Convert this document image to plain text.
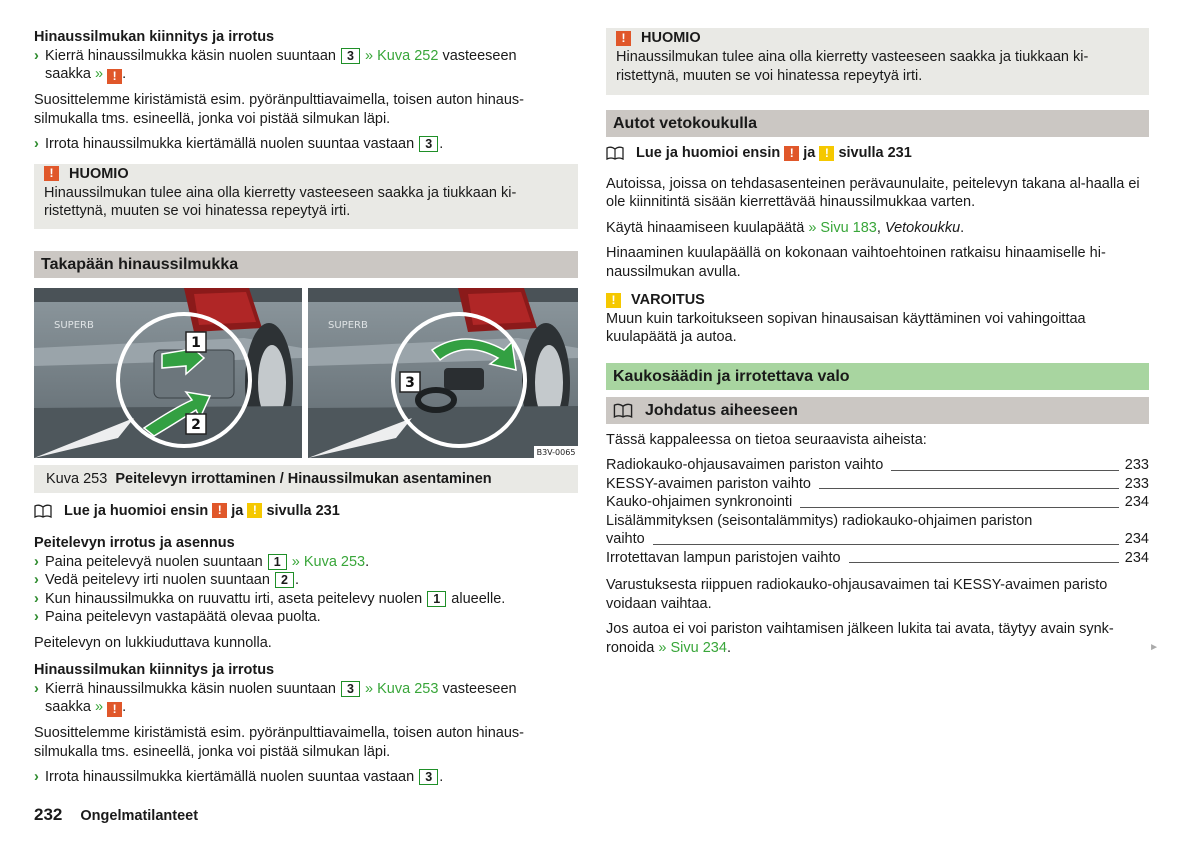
Hinaussilmukan kiinnitys ja irrotus

› Kierrä hinaussilmukka käsin nuolen suuntaan 3 » Kuva 252 vasteeseen
saakka » ! .

Suosittelemme kiristämistä esim. pyöränpulttiavaimella, toisen auton hinaus-silmukalla tms. esineellä, jonka voi pistää silmukan läpi.

› Irrota hinaussilmukka kiertämällä nuolen suuntaa vastaan 3 .
!	HUOMIO
Hinaussilmukan tulee aina olla kierretty vasteeseen saakka ja tiukkaan ki-ristettynä, muuten se voi hinatessa repeytyä irti.
Takapään hinaussilmukka
SUPERB
1
2
SUPERB
3
B3V-0065
Kuva 253 Peitelevyn irrottaminen / Hinaussilmukan asentaminen
Lue ja huomioi ensin
!
ja
!
sivulla 231

Peitelevyn irrotus ja asennus

› Paina peitelevyä nuolen suuntaan 1 » Kuva 253.
› Vedä peitelevy irti nuolen suuntaan 2 .
› Kun hinaussilmukka on ruuvattu irti, aseta peitelevy nuolen 1 alueelle.
› Paina peitelevyn vastapäätä olevaa puolta.

Peitelevyn on lukkiuduttava kunnolla.

Hinaussilmukan kiinnitys ja irrotus

› Kierrä hinaussilmukka käsin nuolen suuntaan 3 » Kuva 253 vasteeseen
saakka » ! .

Suosittelemme kiristämistä esim. pyöränpulttiavaimella, toisen auton hinaus-silmukalla tms. esineellä, jonka voi pistää silmukan läpi.

› Irrota hinaussilmukka kiertämällä nuolen suuntaa vastaan 3 .
!	HUOMIO
Hinaussilmukan tulee aina olla kierretty vasteeseen saakka ja tiukkaan ki-ristettynä, muuten se voi hinatessa repeytyä irti.
Autot vetokoukulla
Lue ja huomioi ensin
!
ja
!
sivulla 231

Autoissa, joissa on tehdasasenteinen perävaunulaite, peitelevyn takana al-haalla ei ole kiinnitintä sisään kierrettävää hinaussilmukkaa varten.

Käytä hinaamiseen kuulapäätä » Sivu 183, Vetokoukku.

Hinaaminen kuulapäällä on kokonaan vaihtoehtoinen ratkaisu hinaamiselle hi-naussilmukan avulla.

!	VAROITUS

Muun kuin tarkoitukseen sopivan hinausaisan käyttäminen voi vahingoittaa kuulapäätä ja autoa.

Kaukosäädin ja irrotettava valo
Johdatus aiheeseen

Tässä kappaleessa on tietoa seuraavista aiheista:

Radiokauko-ohjausavaimen pariston vaihto	233
KESSY-avaimen pariston vaihto	233
Kauko-ohjaimen synkronointi	234
Lisälämmityksen (seisontalämmitys) radiokauko-ohjaimen pariston
vaihto	234
Irrotettavan lampun paristojen vaihto	234

Varustuksesta riippuen radiokauko-ohjausavaimen tai KESSY-avaimen paristo voidaan vaihtaa.

Jos autoa ei voi pariston vaihtamisen jälkeen lukita tai avata, täytyy avain synk-ronoida » Sivu 234.	►

232 Ongelmatilanteet
